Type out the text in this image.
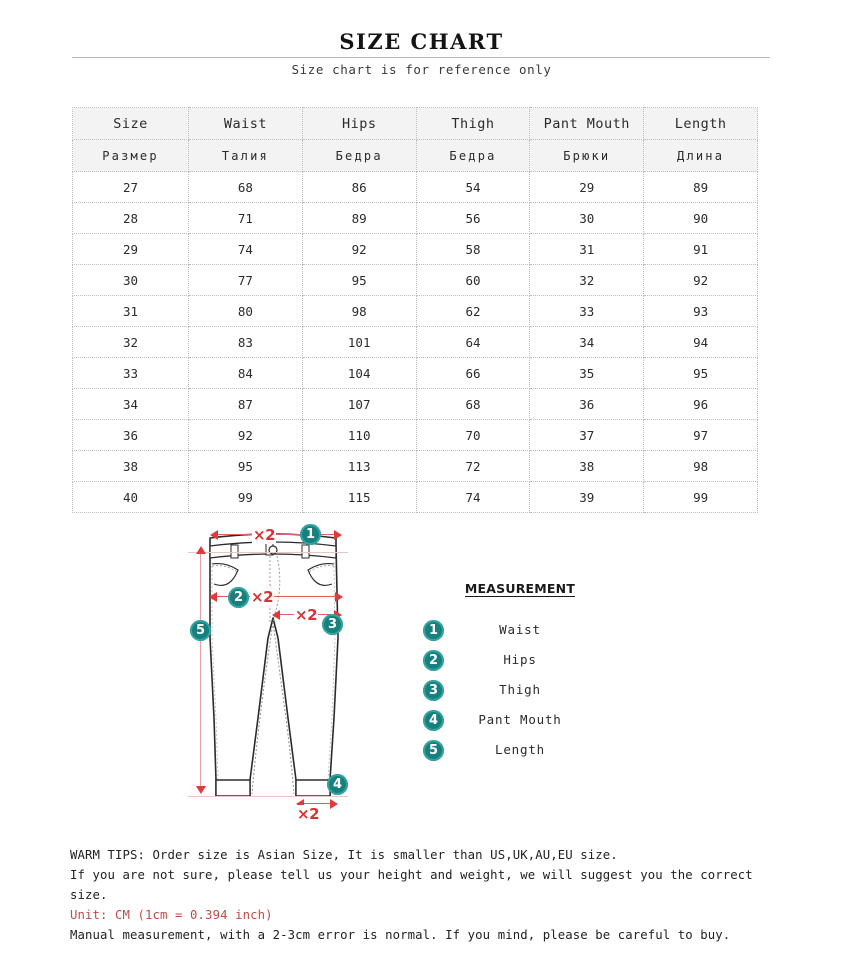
SIZE CHART
Size chart is for reference only
Size	Waist	Hips	Thigh	Pant Mouth	Length
Размер	Талия	Бедра	Бедра	Брюки	Длина
27	68	86	54	29	89
28	71	89	56	30	90
29	74	92	58	31	91
30	77	95	60	32	92
31	80	98	62	33	93
32	83	101	64	34	94
33	84	104	66	35	95
34	87	107	68	36	96
36	92	110	70	37	97
38	95	113	72	38	98
40	99	115	74	39	99
×2	1
2 ×2
×2
3
5
×2
4
MEASUREMENT
1	Waist
2	Hips
3	Thigh
4	Pant Mouth
5	Length
WARM TIPS: Order size is Asian Size, It is smaller than US,UK,AU,EU size.
If you are not sure, please tell us your height and weight, we will suggest you the correct size.
Unit: CM (1cm = 0.394 inch)
Manual measurement, with a 2-3cm error is normal. If you mind, please be careful to buy.
